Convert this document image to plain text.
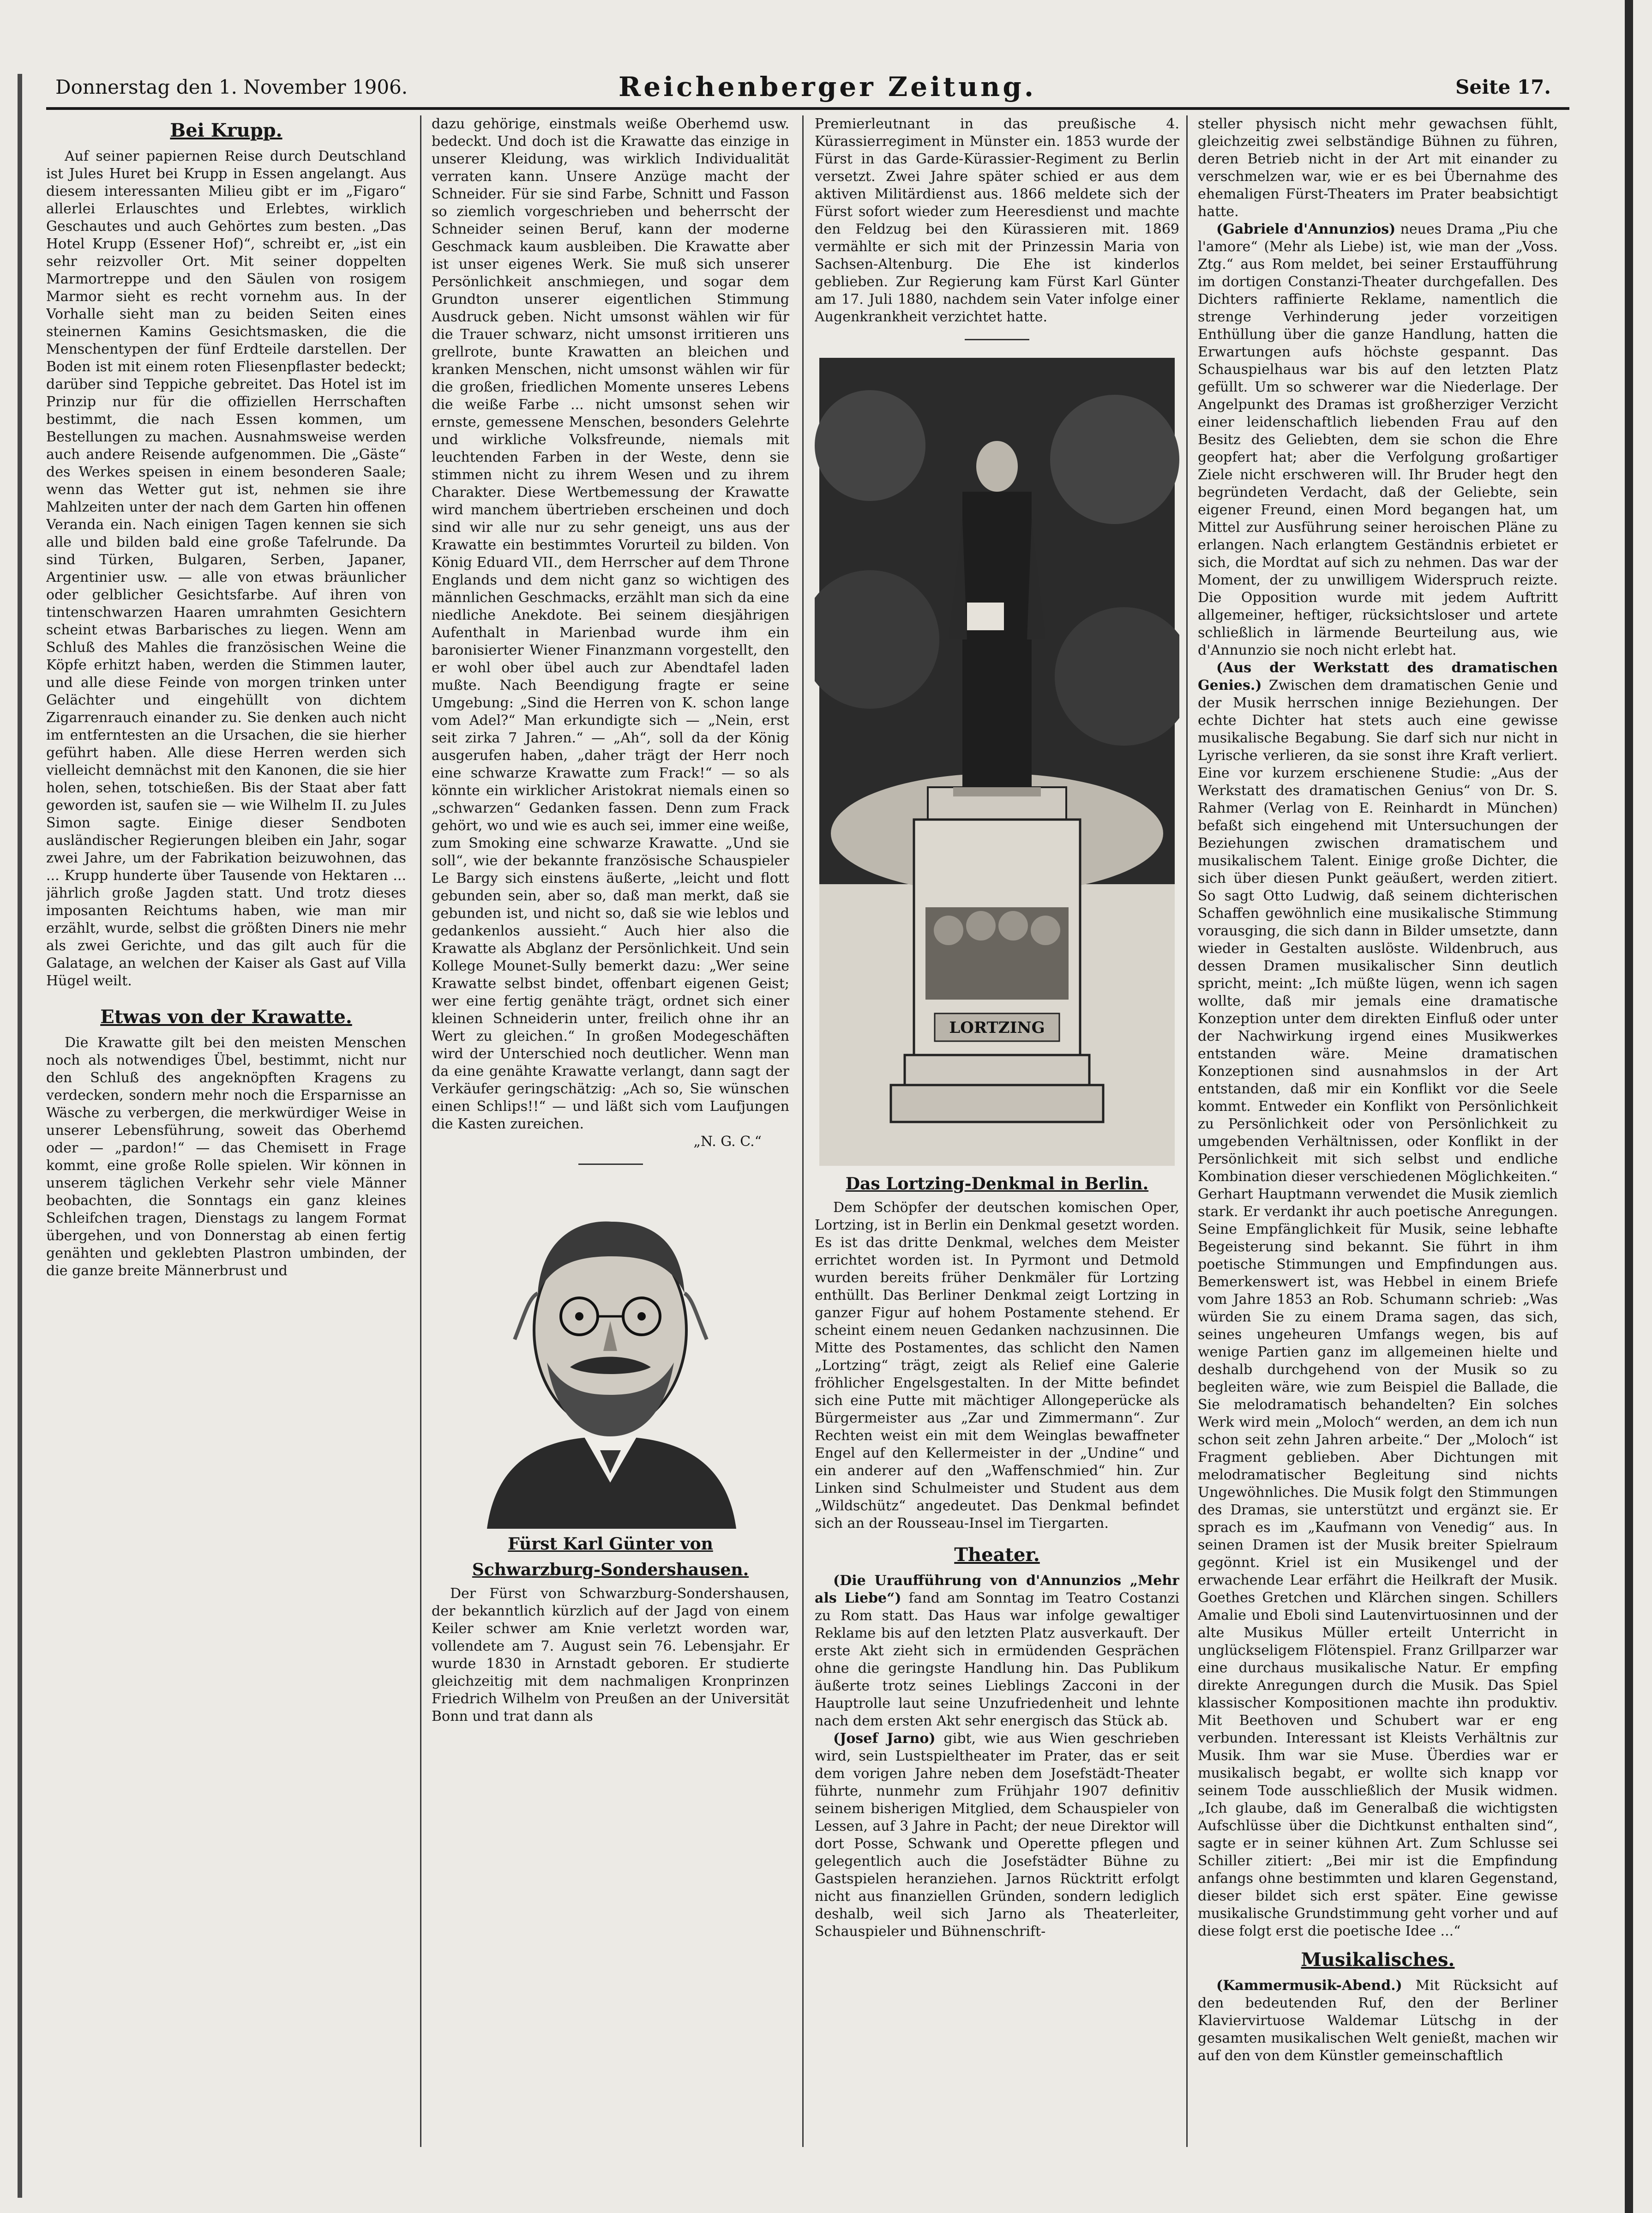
Donnerstag den 1. November 1906.	Reichenberger Zeitung.	Seite 17.
Bei Krupp.

Auf seiner papiernen Reise durch Deutschland ist Jules Huret bei Krupp in Essen angelangt. Aus diesem interessanten Milieu gibt er im „Figaro“ allerlei Erlauschtes und Erlebtes, wirklich Geschautes und auch Gehörtes zum besten. „Das Hotel Krupp (Essener Hof)“, schreibt er, „ist ein sehr reizvoller Ort. Mit seiner doppelten Marmortreppe und den Säulen von rosigem Marmor sieht es recht vornehm aus. In der Vorhalle sieht man zu beiden Seiten eines steinernen Kamins Gesichtsmasken, die die Menschentypen der fünf Erdteile darstellen. Der Boden ist mit einem roten Fliesenpflaster bedeckt; darüber sind Teppiche gebreitet. Das Hotel ist im Prinzip nur für die offiziellen Herrschaften bestimmt, die nach Essen kommen, um Bestellungen zu machen. Ausnahmsweise werden auch andere Reisende aufgenommen. Die „Gäste“ des Werkes speisen in einem besonderen Saale; wenn das Wetter gut ist, nehmen sie ihre Mahlzeiten unter der nach dem Garten hin offenen Veranda ein. Nach einigen Tagen kennen sie sich alle und bilden bald eine große Tafelrunde. Da sind Türken, Bulgaren, Serben, Japaner, Argentinier usw. — alle von etwas bräunlicher oder gelblicher Gesichtsfarbe. Auf ihren von tintenschwarzen Haaren umrahmten Gesichtern scheint etwas Barbarisches zu liegen. Wenn am Schluß des Mahles die französischen Weine die Köpfe erhitzt haben, werden die Stimmen lauter, und alle diese Feinde von morgen trinken unter Gelächter und eingehüllt von dichtem Zigarrenrauch einander zu. Sie denken auch nicht im entferntesten an die Ursachen, die sie hierher geführt haben. Alle diese Herren werden sich vielleicht demnächst mit den Kanonen, die sie hier holen, sehen, totschießen. Bis der Staat aber fatt geworden ist, saufen sie — wie Wilhelm II. zu Jules Simon sagte. Einige dieser Sendboten ausländischer Regierungen bleiben ein Jahr, sogar zwei Jahre, um der Fabrikation beizuwohnen, das ... Krupp hunderte über Tausende von Hektaren ... jährlich große Jagden statt. Und trotz dieses imposanten Reichtums haben, wie man mir erzählt, wurde, selbst die größten Diners nie mehr als zwei Gerichte, und das gilt auch für die Galatage, an welchen der Kaiser als Gast auf Villa Hügel weilt.

Etwas von der Krawatte.

Die Krawatte gilt bei den meisten Menschen noch als notwendiges Übel, bestimmt, nicht nur den Schluß des angeknöpften Kragens zu verdecken, sondern mehr noch die Ersparnisse an Wäsche zu verbergen, die merkwürdiger Weise in unserer Lebensführung, soweit das Oberhemd oder — „pardon!“ — das Chemisett in Frage kommt, eine große Rolle spielen. Wir können in unserem täglichen Verkehr sehr viele Männer beobachten, die Sonntags ein ganz kleines Schleifchen tragen, Dienstags zu langem Format übergehen, und von Donnerstag ab einen fertig genähten und geklebten Plastron umbinden, der die ganze breite Männerbrust und

dazu gehörige, einstmals weiße Oberhemd usw. bedeckt. Und doch ist die Krawatte das einzige in unserer Kleidung, was wirklich Individualität verraten kann. Unsere Anzüge macht der Schneider. Für sie sind Farbe, Schnitt und Fasson so ziemlich vorgeschrieben und beherrscht der Schneider seinen Beruf, kann der moderne Geschmack kaum ausbleiben. Die Krawatte aber ist unser eigenes Werk. Sie muß sich unserer Persönlichkeit anschmiegen, und sogar dem Grundton unserer eigentlichen Stimmung Ausdruck geben. Nicht umsonst wählen wir für die Trauer schwarz, nicht umsonst irritieren uns grellrote, bunte Krawatten an bleichen und kranken Menschen, nicht umsonst wählen wir für die großen, friedlichen Momente unseres Lebens die weiße Farbe ... nicht umsonst sehen wir ernste, gemessene Menschen, besonders Gelehrte und wirkliche Volksfreunde, niemals mit leuchtenden Farben in der Weste, denn sie stimmen nicht zu ihrem Wesen und zu ihrem Charakter. Diese Wertbemessung der Krawatte wird manchem übertrieben erscheinen und doch sind wir alle nur zu sehr geneigt, uns aus der Krawatte ein bestimmtes Vorurteil zu bilden. Von König Eduard VII., dem Herrscher auf dem Throne Englands und dem nicht ganz so wichtigen des männlichen Geschmacks, erzählt man sich da eine niedliche Anekdote. Bei seinem diesjährigen Aufenthalt in Marienbad wurde ihm ein baronisierter Wiener Finanzmann vorgestellt, den er wohl ober übel auch zur Abendtafel laden mußte. Nach Beendigung fragte er seine Umgebung: „Sind die Herren von K. schon lange vom Adel?“ Man erkundigte sich — „Nein, erst seit zirka 7 Jahren.“ — „Ah“, soll da der König ausgerufen haben, „daher trägt der Herr noch eine schwarze Krawatte zum Frack!“ — so als könnte ein wirklicher Aristokrat niemals einen so „schwarzen“ Gedanken fassen. Denn zum Frack gehört, wo und wie es auch sei, immer eine weiße, zum Smoking eine schwarze Krawatte. „Und sie soll“, wie der bekannte französische Schauspieler Le Bargy sich einstens äußerte, „leicht und flott gebunden sein, aber so, daß man merkt, daß sie gebunden ist, und nicht so, daß sie wie leblos und gedankenlos aussieht.“ Auch hier also die Krawatte als Abglanz der Persönlichkeit. Und sein Kollege Mounet-Sully bemerkt dazu: „Wer seine Krawatte selbst bindet, offenbart eigenen Geist; wer eine fertig genähte trägt, ordnet sich einer kleinen Schneiderin unter, freilich ohne ihr an Wert zu gleichen.“ In großen Modegeschäften wird der Unterschied noch deutlicher. Wenn man da eine genähte Krawatte verlangt, dann sagt der Verkäufer geringschätzig: „Ach so, Sie wünschen einen Schlips!!“ — und läßt sich vom Laufjungen die Kasten zureichen.

„N. G. C.“
Fürst Karl Günter von
Schwarzburg-Sondershausen.

Der Fürst von Schwarzburg-Sondershausen, der bekanntlich kürzlich auf der Jagd von einem Keiler schwer am Knie verletzt worden war, vollendete am 7. August sein 76. Lebensjahr. Er wurde 1830 in Arnstadt geboren. Er studierte gleichzeitig mit dem nachmaligen Kronprinzen Friedrich Wilhelm von Preußen an der Universität Bonn und trat dann als

Premierleutnant in das preußische 4. Kürassierregiment in Münster ein. 1853 wurde der Fürst in das Garde-Kürassier-Regiment zu Berlin versetzt. Zwei Jahre später schied er aus dem aktiven Militärdienst aus. 1866 meldete sich der Fürst sofort wieder zum Heeresdienst und machte den Feldzug bei den Kürassieren mit. 1869 vermählte er sich mit der Prinzessin Maria von Sachsen-Altenburg. Die Ehe ist kinderlos geblieben. Zur Regierung kam Fürst Karl Günter am 17. Juli 1880, nachdem sein Vater infolge einer Augenkrankheit verzichtet hatte.

LORTZING
Das Lortzing-Denkmal in Berlin.

Dem Schöpfer der deutschen komischen Oper, Lortzing, ist in Berlin ein Denkmal gesetzt worden. Es ist das dritte Denkmal, welches dem Meister errichtet worden ist. In Pyrmont und Detmold wurden bereits früher Denkmäler für Lortzing enthüllt. Das Berliner Denkmal zeigt Lortzing in ganzer Figur auf hohem Postamente stehend. Er scheint einem neuen Gedanken nachzusinnen. Die Mitte des Postamentes, das schlicht den Namen „Lortzing“ trägt, zeigt als Relief eine Galerie fröhlicher Engelsgestalten. In der Mitte befindet sich eine Putte mit mächtiger Allongeperücke als Bürgermeister aus „Zar und Zimmermann“. Zur Rechten weist ein mit dem Weinglas bewaffneter Engel auf den Kellermeister in der „Undine“ und ein anderer auf den „Waffenschmied“ hin. Zur Linken sind Schulmeister und Student aus dem „Wildschütz“ angedeutet. Das Denkmal befindet sich an der Rousseau-Insel im Tiergarten.

Theater.

(Die Uraufführung von d'Annunzios „Mehr als Liebe“) fand am Sonntag im Teatro Costanzi zu Rom statt. Das Haus war infolge gewaltiger Reklame bis auf den letzten Platz ausverkauft. Der erste Akt zieht sich in ermüdenden Gesprächen ohne die geringste Handlung hin. Das Publikum äußerte trotz seines Lieblings Zacconi in der Hauptrolle laut seine Unzufriedenheit und lehnte nach dem ersten Akt sehr energisch das Stück ab.

(Josef Jarno) gibt, wie aus Wien geschrieben wird, sein Lustspieltheater im Prater, das er seit dem vorigen Jahre neben dem Josefstädt-Theater führte, nunmehr zum Frühjahr 1907 definitiv seinem bisherigen Mitglied, dem Schauspieler von Lessen, auf 3 Jahre in Pacht; der neue Direktor will dort Posse, Schwank und Operette pflegen und gelegentlich auch die Josefstädter Bühne zu Gastspielen heranziehen. Jarnos Rücktritt erfolgt nicht aus finanziellen Gründen, sondern lediglich deshalb, weil sich Jarno als Theaterleiter, Schauspieler und Bühnenschrift-

steller physisch nicht mehr gewachsen fühlt, gleichzeitig zwei selbständige Bühnen zu führen, deren Betrieb nicht in der Art mit einander zu verschmelzen war, wie er es bei Übernahme des ehemaligen Fürst-Theaters im Prater beabsichtigt hatte.

(Gabriele d'Annunzios) neues Drama „Piu che l'amore“ (Mehr als Liebe) ist, wie man der „Voss. Ztg.“ aus Rom meldet, bei seiner Erstaufführung im dortigen Constanzi-Theater durchgefallen. Des Dichters raffinierte Reklame, namentlich die strenge Verhinderung jeder vorzeitigen Enthüllung über die ganze Handlung, hatten die Erwartungen aufs höchste gespannt. Das Schauspielhaus war bis auf den letzten Platz gefüllt. Um so schwerer war die Niederlage. Der Angelpunkt des Dramas ist großherziger Verzicht einer leidenschaftlich liebenden Frau auf den Besitz des Geliebten, dem sie schon die Ehre geopfert hat; aber die Verfolgung großartiger Ziele nicht erschweren will. Ihr Bruder hegt den begründeten Verdacht, daß der Geliebte, sein eigener Freund, einen Mord begangen hat, um Mittel zur Ausführung seiner heroischen Pläne zu erlangen. Nach erlangtem Geständnis erbietet er sich, die Mordtat auf sich zu nehmen. Das war der Moment, der zu unwilligem Widerspruch reizte. Die Opposition wurde mit jedem Auftritt allgemeiner, heftiger, rücksichtsloser und artete schließlich in lärmende Beurteilung aus, wie d'Annunzio sie noch nicht erlebt hat.

(Aus der Werkstatt des dramatischen Genies.) Zwischen dem dramatischen Genie und der Musik herrschen innige Beziehungen. Der echte Dichter hat stets auch eine gewisse musikalische Begabung. Sie darf sich nur nicht in Lyrische verlieren, da sie sonst ihre Kraft verliert. Eine vor kurzem erschienene Studie: „Aus der Werkstatt des dramatischen Genius“ von Dr. S. Rahmer (Verlag von E. Reinhardt in München) befaßt sich eingehend mit Untersuchungen der Beziehungen zwischen dramatischem und musikalischem Talent. Einige große Dichter, die sich über diesen Punkt geäußert, werden zitiert. So sagt Otto Ludwig, daß seinem dichterischen Schaffen gewöhnlich eine musikalische Stimmung vorausging, die sich dann in Bilder umsetzte, dann wieder in Gestalten auslöste. Wildenbruch, aus dessen Dramen musikalischer Sinn deutlich spricht, meint: „Ich müßte lügen, wenn ich sagen wollte, daß mir jemals eine dramatische Konzeption unter dem direkten Einfluß oder unter der Nachwirkung irgend eines Musikwerkes entstanden wäre. Meine dramatischen Konzeptionen sind ausnahmslos in der Art entstanden, daß mir ein Konflikt vor die Seele kommt. Entweder ein Konflikt von Persönlichkeit zu Persönlichkeit oder von Persönlichkeit zu umgebenden Verhältnissen, oder Konflikt in der Persönlichkeit mit sich selbst und endliche Kombination dieser verschiedenen Möglichkeiten.“ Gerhart Hauptmann verwendet die Musik ziemlich stark. Er verdankt ihr auch poetische Anregungen. Seine Empfänglichkeit für Musik, seine lebhafte Begeisterung sind bekannt. Sie führt in ihm poetische Stimmungen und Empfindungen aus. Bemerkenswert ist, was Hebbel in einem Briefe vom Jahre 1853 an Rob. Schumann schrieb: „Was würden Sie zu einem Drama sagen, das sich, seines ungeheuren Umfangs wegen, bis auf wenige Partien ganz im allgemeinen hielte und deshalb durchgehend von der Musik so zu begleiten wäre, wie zum Beispiel die Ballade, die Sie melodramatisch behandelten? Ein solches Werk wird mein „Moloch“ werden, an dem ich nun schon seit zehn Jahren arbeite.“ Der „Moloch“ ist Fragment geblieben. Aber Dichtungen mit melodramatischer Begleitung sind nichts Ungewöhnliches. Die Musik folgt den Stimmungen des Dramas, sie unterstützt und ergänzt sie. Er sprach es im „Kaufmann von Venedig“ aus. In seinen Dramen ist der Musik breiter Spielraum gegönnt. Kriel ist ein Musikengel und der erwachende Lear erfährt die Heilkraft der Musik. Goethes Gretchen und Klärchen singen. Schillers Amalie und Eboli sind Lautenvirtuosinnen und der alte Musikus Müller erteilt Unterricht in unglückseligem Flötenspiel. Franz Grillparzer war eine durchaus musikalische Natur. Er empfing direkte Anregungen durch die Musik. Das Spiel klassischer Kompositionen machte ihn produktiv. Mit Beethoven und Schubert war er eng verbunden. Interessant ist Kleists Verhältnis zur Musik. Ihm war sie Muse. Überdies war er musikalisch begabt, er wollte sich knapp vor seinem Tode ausschließlich der Musik widmen. „Ich glaube, daß im Generalbaß die wichtigsten Aufschlüsse über die Dichtkunst enthalten sind“, sagte er in seiner kühnen Art. Zum Schlusse sei Schiller zitiert: „Bei mir ist die Empfindung anfangs ohne bestimmten und klaren Gegenstand, dieser bildet sich erst später. Eine gewisse musikalische Grundstimmung geht vorher und auf diese folgt erst die poetische Idee ...“

Musikalisches.

(Kammermusik-Abend.) Mit Rücksicht auf den bedeutenden Ruf, den der Berliner Klaviervirtuose Waldemar Lütschg in der gesamten musikalischen Welt genießt, machen wir auf den von dem Künstler gemeinschaftlich
